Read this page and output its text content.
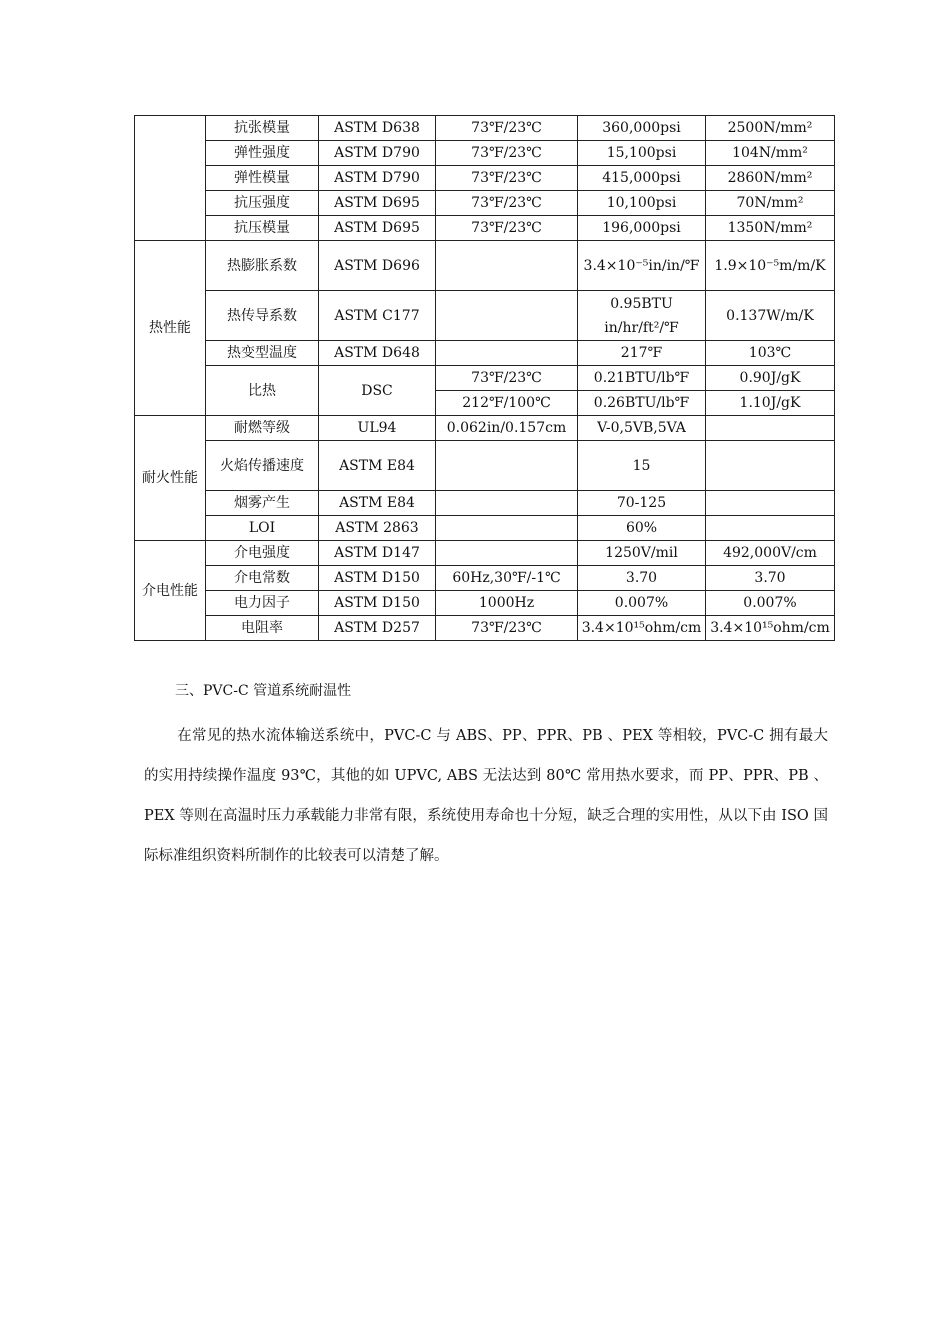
	抗张模量	ASTM D638	73℉/23℃	360,000psi	2500N/mm²
	弹性强度	ASTM D790	73℉/23℃	15,100psi	104N/mm²
	弹性模量	ASTM D790	73℉/23℃	415,000psi	2860N/mm²
	抗压强度	ASTM D695	73℉/23℃	10,100psi	70N/mm²
	抗压模量	ASTM D695	73℉/23℃	196,000psi	1350N/mm²
热性能	热膨胀系数	ASTM D696		3.4×10⁻⁵in/in/℉	1.9×10⁻⁵m/m/K
	热传导系数	ASTM C177		0.95BTU in/hr/ft²/℉	0.137W/m/K
	热变型温度	ASTM D648		217℉	103℃
	比热	DSC	73℉/23℃	0.21BTU/lb℉	0.90J/gK
			212℉/100℃	0.26BTU/lb℉	1.10J/gK
耐火性能	耐燃等级	UL94	0.062in/0.157cm	V-0,5VB,5VA	
	火焰传播速度	ASTM E84		15	
	烟雾产生	ASTM E84		70-125	
	LOI	ASTM 2863		60%	
介电性能	介电强度	ASTM D147		1250V/mil	492,000V/cm
	介电常数	ASTM D150	60Hz,30℉/-1℃	3.70	3.70
	电力因子	ASTM D150	1000Hz	0.007%	0.007%
	电阻率	ASTM D257	73℉/23℃	3.4×10¹⁵ohm/cm	3.4×10¹⁵ohm/cm
三、PVC-C 管道系统耐温性
在常见的热水流体输送系统中，PVC-C 与 ABS、PP、PPR、PB 、PEX 等相较，PVC-C 拥有最大的实用持续操作温度 93℃，其他的如 UPVC, ABS 无法达到 80℃ 常用热水要求，而 PP、PPR、PB 、PEX 等则在高温时压力承载能力非常有限，系统使用寿命也十分短，缺乏合理的实用性，从以下由 ISO 国际标准组织资料所制作的比较表可以清楚了解。
